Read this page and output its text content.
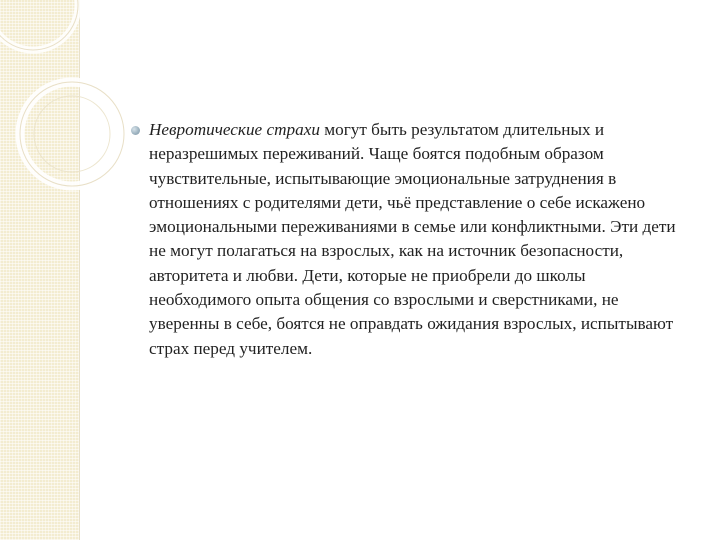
Невротические страхи могут быть результатом длительных и неразрешимых переживаний. Чаще боятся подобным образом чувствительные, испытывающие эмоциональные затруднения в отношениях с родителями дети, чьё представление о себе искажено эмоциональными переживаниями в семье или конфликтными. Эти дети не могут полагаться на взрослых, как на источник безопасности, авторитета и любви. Дети, которые не приобрели до школы необходимого опыта общения со взрослыми и сверстниками, не уверенны в себе, боятся не оправдать ожидания взрослых, испытывают страх перед учителем.
